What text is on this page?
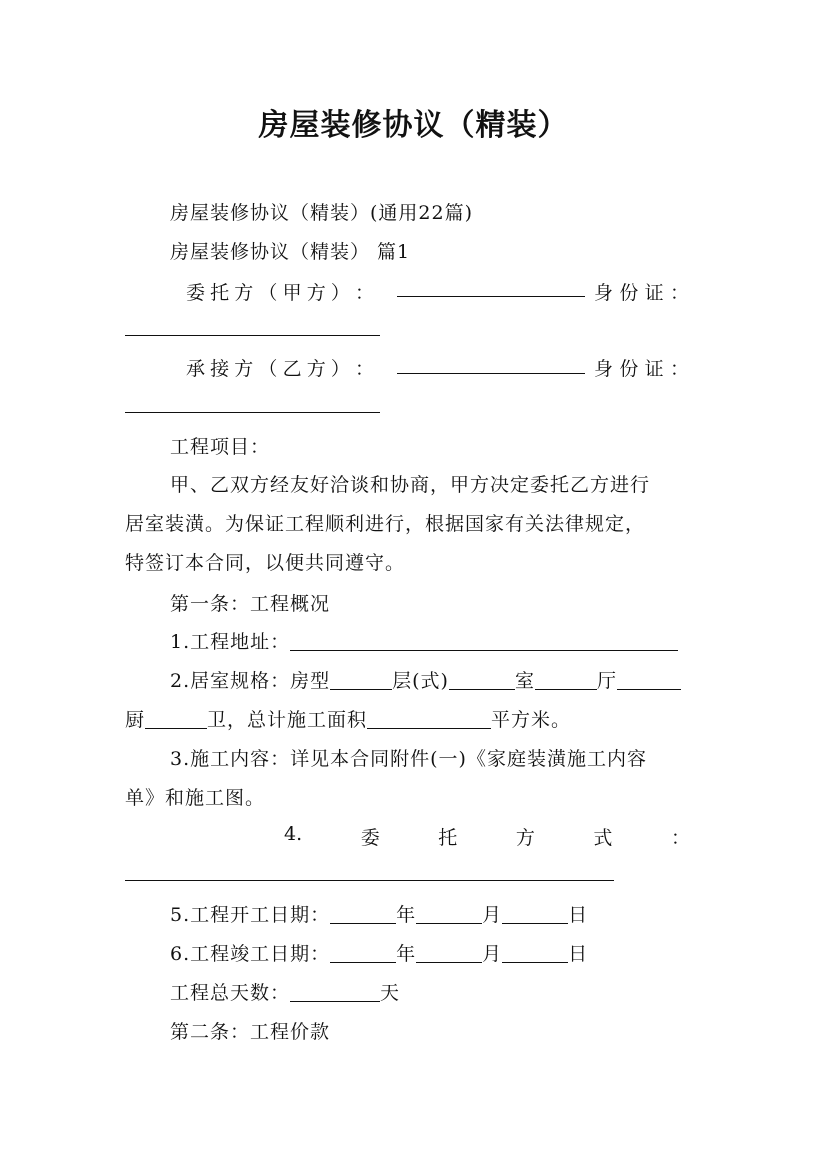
房屋装修协议（精装）
房屋装修协议（精装）(通用22篇)
房屋装修协议（精装） 篇1
委 托 方 （ 甲 方 ） ：	身 份 证 ：
承 接 方 （ 乙 方 ） ：	身 份 证 ：
工程项目：
甲、乙双方经友好洽谈和协商，甲方决定委托乙方进行
居室装潢。为保证工程顺利进行，根据国家有关法律规定，
特签订本合同，以便共同遵守。
第一条：工程概况
1.工程地址：
2.居室规格：房型	层(式)	室	厅
厨	卫，总计施工面积	平方米。
3.施工内容：详见本合同附件(一)《家庭装潢施工内容
单》和施工图。
4.	委	托	方	式	：
5.工程开工日期：	年	月	日
6.工程竣工日期：	年	月	日
工程总天数：	天
第二条：工程价款
